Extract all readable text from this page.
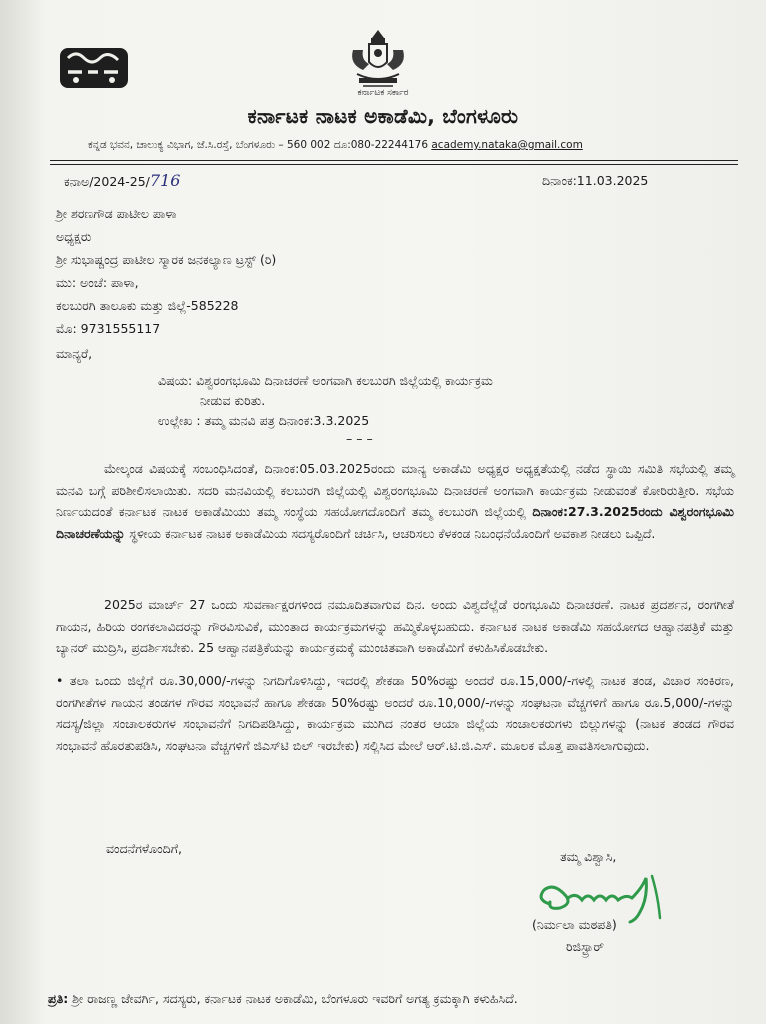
ಕರ್ನಾಟಕ ಸರ್ಕಾರ
ಕರ್ನಾಟಕ ನಾಟಕ ಅಕಾಡೆಮಿ, ಬೆಂಗಳೂರು
ಕನ್ನಡ ಭವನ, ಚಾಲುಕ್ಯ ವಿಭಾಗ, ಜೆ.ಸಿ.ರಸ್ತೆ, ಬೆಂಗಳೂರು – 560 002 ದೂ:080-22244176 academy.nataka@gmail.com
ಕನಾಅ/2024-25/716	ದಿನಾಂಕ:11.03.2025
ಶ್ರೀ ಶರಣಗೌಡ ಪಾಟೀಲ ಪಾಳಾ
ಅಧ್ಯಕ್ಷರು
ಶ್ರೀ ಸುಭಾಷ್ಚಂದ್ರ ಪಾಟೀಲ ಸ್ಮಾರಕ ಜನಕಲ್ಯಾಣ ಟ್ರಸ್ಟ್ (ರಿ)
ಮು: ಅಂಚೆ: ಪಾಳಾ,
ಕಲಬುರಗಿ ತಾಲೂಕು ಮತ್ತು ಜಿಲ್ಲೆ-585228
ಮೊ: 9731555117
ಮಾನ್ಯರೆ,
ವಿಷಯ: ವಿಶ್ವರಂಗಭೂಮಿ ದಿನಾಚರಣೆ ಅಂಗವಾಗಿ ಕಲಬುರಗಿ ಜಿಲ್ಲೆಯಲ್ಲಿ ಕಾರ್ಯಕ್ರಮ
ನೀಡುವ ಕುರಿತು.
ಉಲ್ಲೇಖ : ತಮ್ಮ ಮನವಿ ಪತ್ರ ದಿನಾಂಕ:3.3.2025
– – –
ಮೇಲ್ಕಂಡ ವಿಷಯಕ್ಕೆ ಸಂಬಂಧಿಸಿದಂತೆ, ದಿನಾಂಕ:05.03.2025ರಂದು ಮಾನ್ಯ ಅಕಾಡೆಮಿ ಅಧ್ಯಕ್ಷರ ಅಧ್ಯಕ್ಷತೆಯಲ್ಲಿ ನಡೆದ ಸ್ಥಾಯಿ ಸಮಿತಿ ಸಭೆಯಲ್ಲಿ ತಮ್ಮ ಮನವಿ ಬಗ್ಗೆ ಪರಿಶೀಲಿಸಲಾಯಿತು. ಸದರಿ ಮನವಿಯಲ್ಲಿ ಕಲಬುರಗಿ ಜಿಲ್ಲೆಯಲ್ಲಿ ವಿಶ್ವರಂಗಭೂಮಿ ದಿನಾಚರಣೆ ಅಂಗವಾಗಿ ಕಾರ್ಯಕ್ರಮ ನೀಡುವಂತೆ ಕೋರಿರುತ್ತೀರಿ. ಸಭೆಯ ನಿರ್ಣಯದಂತೆ ಕರ್ನಾಟಕ ನಾಟಕ ಅಕಾಡೆಮಿಯು ತಮ್ಮ ಸಂಸ್ಥೆಯ ಸಹಯೋಗದೊಂದಿಗೆ ತಮ್ಮ ಕಲಬುರಗಿ ಜಿಲ್ಲೆಯಲ್ಲಿ ದಿನಾಂಕ:27.3.2025ರಂದು ವಿಶ್ವರಂಗಭೂಮಿ ದಿನಾಚರಣೆಯನ್ನು ಸ್ಥಳೀಯ ಕರ್ನಾಟಕ ನಾಟಕ ಅಕಾಡೆಮಿಯ ಸದಸ್ಯರೊಂದಿಗೆ ಚರ್ಚಿಸಿ, ಆಚರಿಸಲು ಕೆಳಕಂಡ ನಿಬಂಧನೆಯೊಂದಿಗೆ ಅವಕಾಶ ನೀಡಲು ಒಪ್ಪಿದೆ.
2025ರ ಮಾರ್ಚ್ 27 ಒಂದು ಸುವರ್ಣಾಕ್ಷರಗಳಿಂದ ನಮೂದಿತವಾಗುವ ದಿನ. ಅಂದು ವಿಶ್ವದೆಲ್ಲೆಡೆ ರಂಗಭೂಮಿ ದಿನಾಚರಣೆ. ನಾಟಕ ಪ್ರದರ್ಶನ, ರಂಗಗೀತೆ ಗಾಯನ, ಹಿರಿಯ ರಂಗಕಲಾವಿದರನ್ನು ಗೌರವಿಸುವಿಕೆ, ಮುಂತಾದ ಕಾರ್ಯಕ್ರಮಗಳನ್ನು ಹಮ್ಮಿಕೊಳ್ಳಬಹುದು. ಕರ್ನಾಟಕ ನಾಟಕ ಅಕಾಡೆಮಿ ಸಹಯೋಗದ ಆಹ್ವಾನಪತ್ರಿಕೆ ಮತ್ತು ಬ್ಯಾನರ್ ಮುದ್ರಿಸಿ, ಪ್ರದರ್ಶಿಸಬೇಕು. 25 ಆಹ್ವಾನಪತ್ರಿಕೆಯನ್ನು ಕಾರ್ಯಕ್ರಮಕ್ಕೆ ಮುಂಚಿತವಾಗಿ ಅಕಾಡೆಮಿಗೆ ಕಳುಹಿಸಿಕೊಡಬೇಕು.
• ತಲಾ ಒಂದು ಜಿಲ್ಲೆಗೆ ರೂ.30,000/-ಗಳನ್ನು ನಿಗದಿಗೊಳಿಸಿದ್ದು, ಇದರಲ್ಲಿ ಶೇಕಡಾ 50%ರಷ್ಟು ಅಂದರೆ ರೂ.15,000/-ಗಳಲ್ಲಿ ನಾಟಕ ತಂಡ, ವಿಚಾರ ಸಂಕಿರಣ, ರಂಗಗೀತೆಗಳ ಗಾಯನ ತಂಡಗಳ ಗೌರವ ಸಂಭಾವನೆ ಹಾಗೂ ಶೇಕಡಾ 50%ರಷ್ಟು ಅಂದರೆ ರೂ.10,000/-ಗಳನ್ನು ಸಂಘಟನಾ ವೆಚ್ಚಗಳಿಗೆ ಹಾಗೂ ರೂ.5,000/-ಗಳನ್ನು ಸದಸ್ಯ/ಜಿಲ್ಲಾ ಸಂಚಾಲಕರುಗಳ ಸಂಭಾವನೆಗೆ ನಿಗದಿಪಡಿಸಿದ್ದು, ಕಾರ್ಯಕ್ರಮ ಮುಗಿದ ನಂತರ ಆಯಾ ಜಿಲ್ಲೆಯ ಸಂಚಾಲಕರುಗಳು ಬಿಲ್ಲುಗಳನ್ನು (ನಾಟಕ ತಂಡದ ಗೌರವ ಸಂಭಾವನೆ ಹೊರತುಪಡಿಸಿ, ಸಂಘಟನಾ ವೆಚ್ಚಗಳಿಗೆ ಜಿಎಸ್‌ಟಿ ಬಿಲ್ ಇರಬೇಕು) ಸಲ್ಲಿಸಿದ ಮೇಲೆ ಆರ್.ಟಿ.ಜಿ.ಎಸ್. ಮೂಲಕ ಮೊತ್ತ ಪಾವತಿಸಲಾಗುವುದು.
ವಂದನೆಗಳೊಂದಿಗೆ,
ತಮ್ಮ ವಿಶ್ವಾಸಿ,
(ನಿರ್ಮಲಾ ಮಠಪತಿ)
ರಿಜಿಸ್ಟ್ರಾರ್
ಪ್ರತಿ: ಶ್ರೀ ರಾಜಣ್ಣ ಜೇವರ್ಗಿ, ಸದಸ್ಯರು, ಕರ್ನಾಟಕ ನಾಟಕ ಅಕಾಡೆಮಿ, ಬೆಂಗಳೂರು ಇವರಿಗೆ ಅಗತ್ಯ ಕ್ರಮಕ್ಕಾಗಿ ಕಳುಹಿಸಿದೆ.
